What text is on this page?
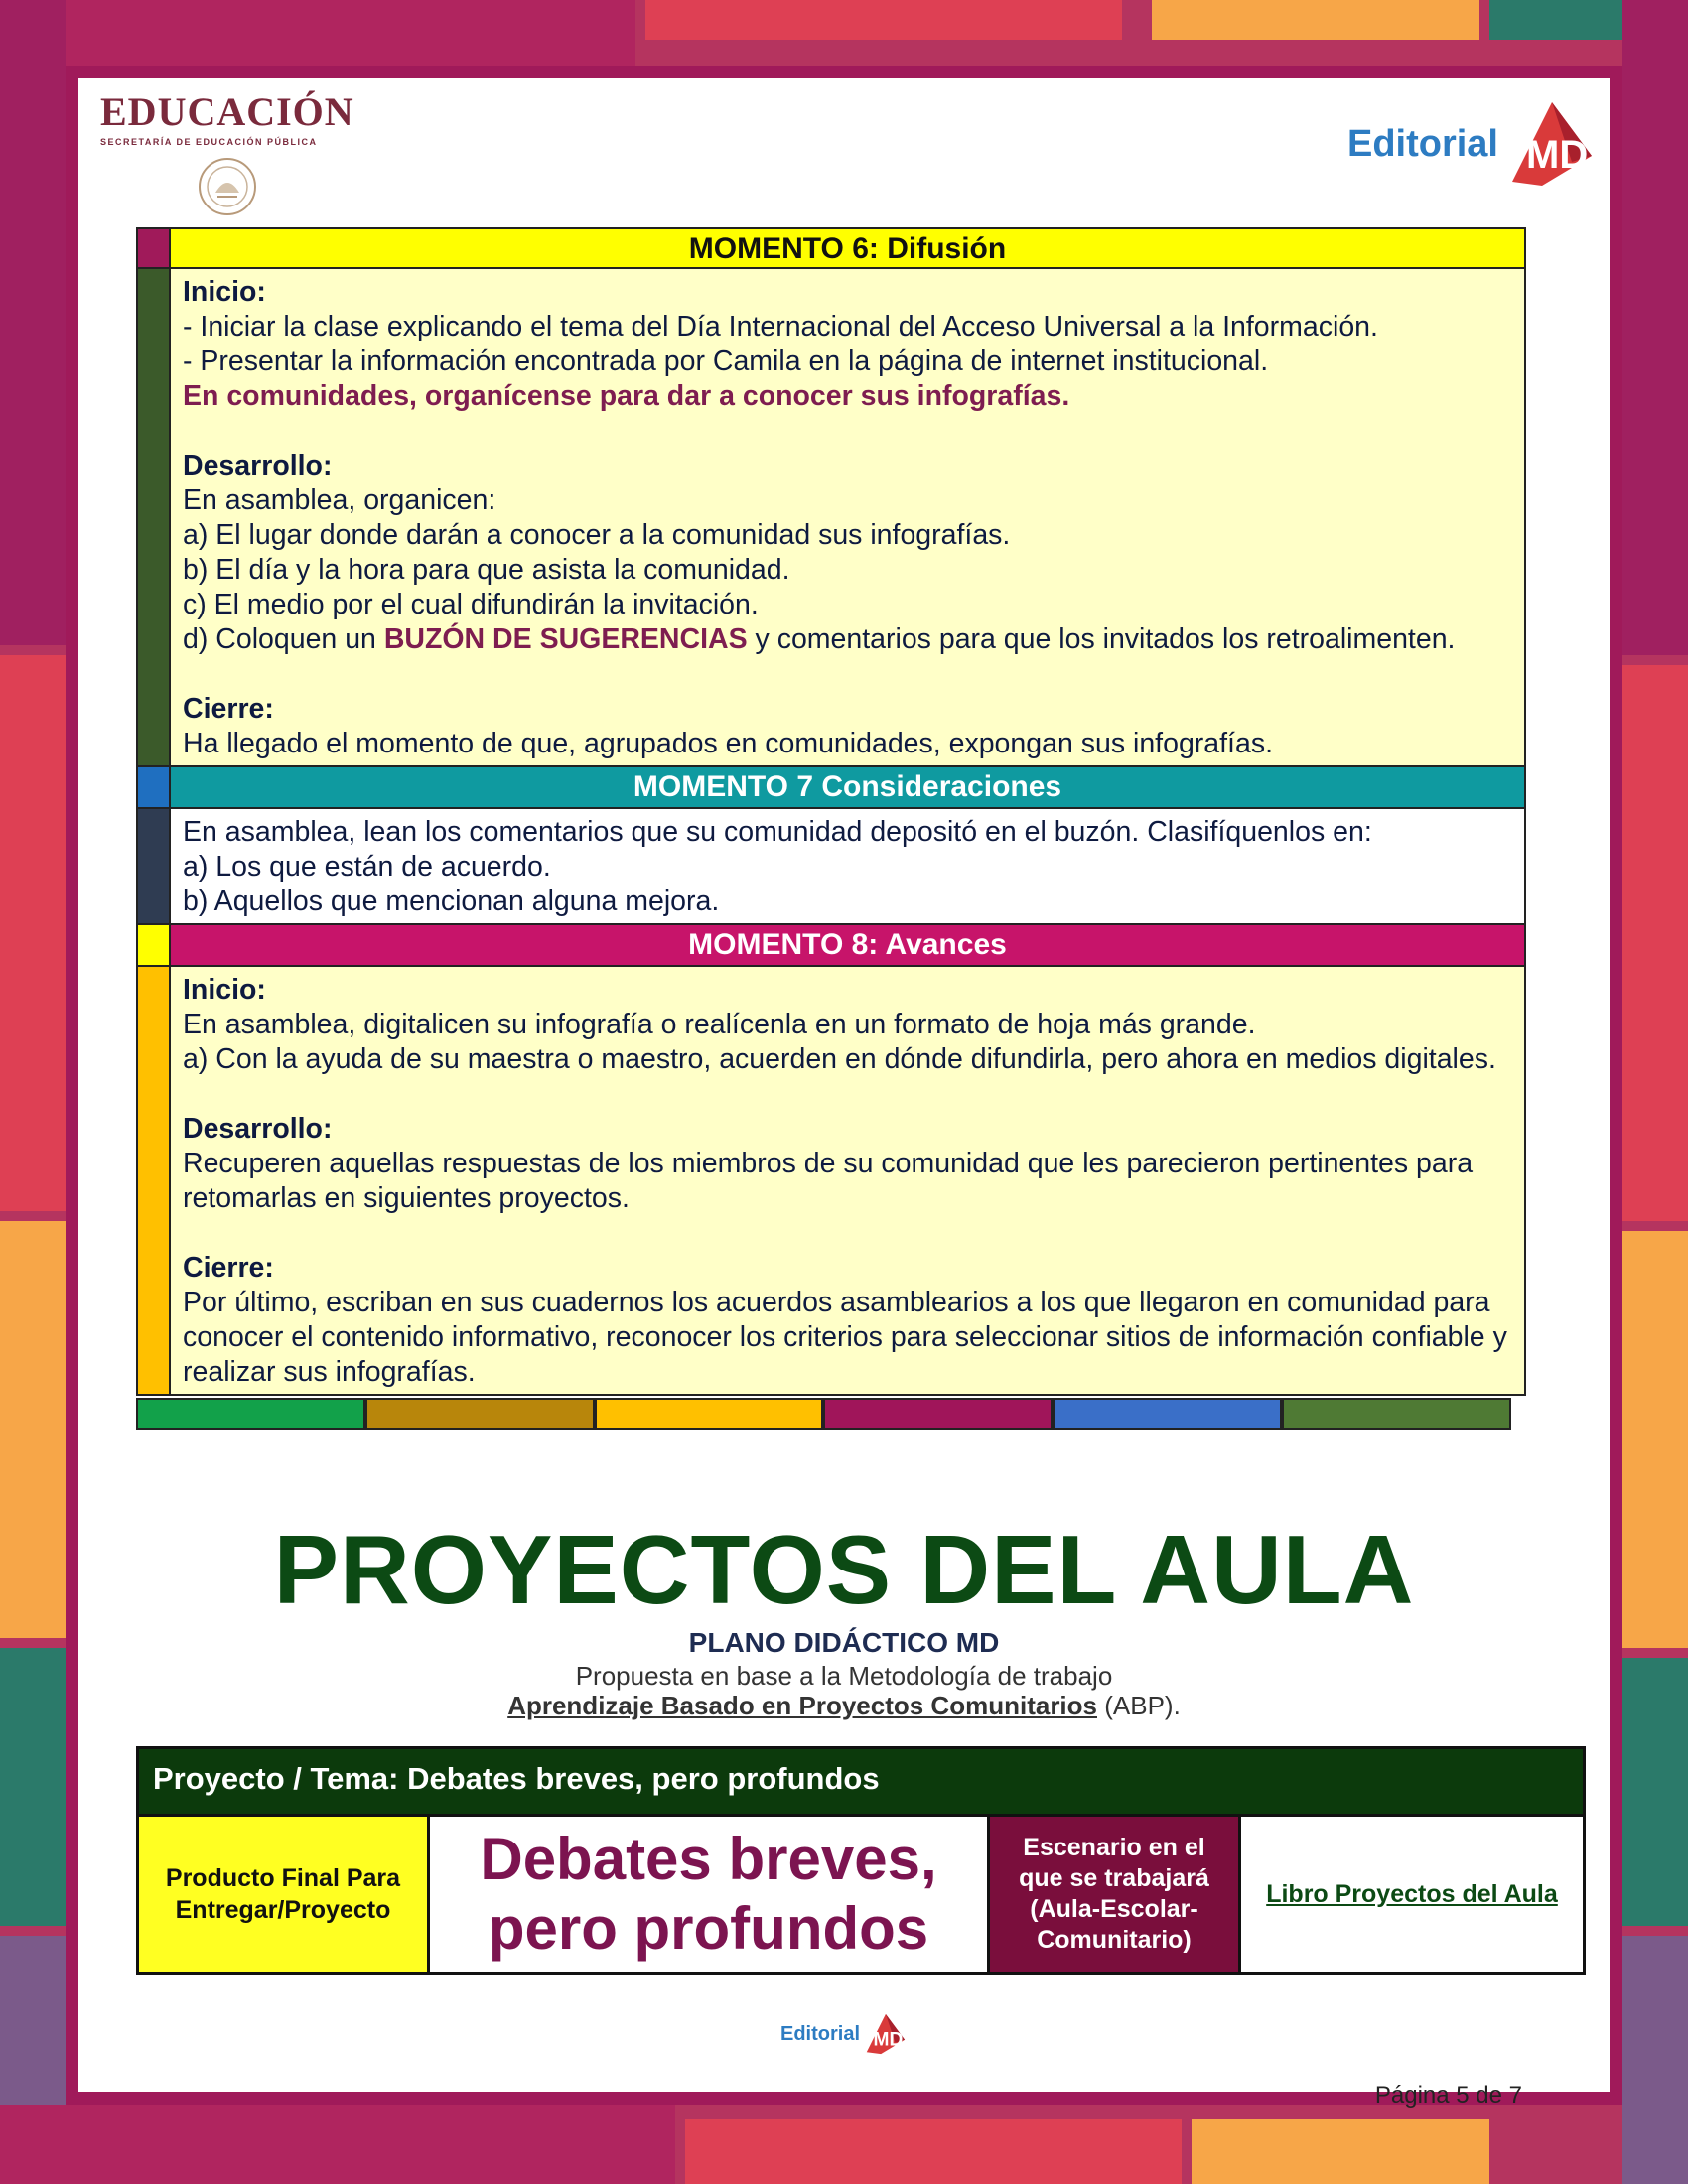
EDUCACIÓN
SECRETARÍA DE EDUCACIÓN PÚBLICA	Editorial MD
MOMENTO 6: Difusión

Inicio:

- Iniciar la clase explicando el tema del Día Internacional del Acceso Universal a la Información.

- Presentar la información encontrada por Camila en la página de internet institucional.

En comunidades, organícense para dar a conocer sus infografías.

Desarrollo:

En asamblea, organicen:

a) El lugar donde darán a conocer a la comunidad sus infografías.

b) El día y la hora para que asista la comunidad.

c) El medio por el cual difundirán la invitación.

d) Coloquen un BUZÓN DE SUGERENCIAS y comentarios para que los invitados los retroalimenten.

Cierre:

Ha llegado el momento de que, agrupados en comunidades, expongan sus infografías.

MOMENTO 7 Consideraciones

En asamblea, lean los comentarios que su comunidad depositó en el buzón. Clasifíquenlos en:

a) Los que están de acuerdo.

b) Aquellos que mencionan alguna mejora.

MOMENTO 8: Avances

Inicio:

En asamblea, digitalicen su infografía o realícenla en un formato de hoja más grande.

a) Con la ayuda de su maestra o maestro, acuerden en dónde difundirla, pero ahora en medios digitales.

Desarrollo:

Recuperen aquellas respuestas de los miembros de su comunidad que les parecieron pertinentes para retomarlas en siguientes proyectos.

Cierre:

Por último, escriban en sus cuadernos los acuerdos asamblearios a los que llegaron en comunidad para conocer el contenido informativo, reconocer los criterios para seleccionar sitios de información confiable y realizar sus infografías.

PROYECTOS DEL AULA
PLANO DIDÁCTICO MD
Propuesta en base a la Metodología de trabajo
Aprendizaje Basado en Proyectos Comunitarios (ABP).
Proyecto / Tema: Debates breves, pero profundos
Producto Final Para Entregar/Proyecto
Debates breves, pero profundos
Escenario en el que se trabajará (Aula-Escolar-Comunitario)
Libro Proyectos del Aula
Editorial MD
Página 5 de 7
